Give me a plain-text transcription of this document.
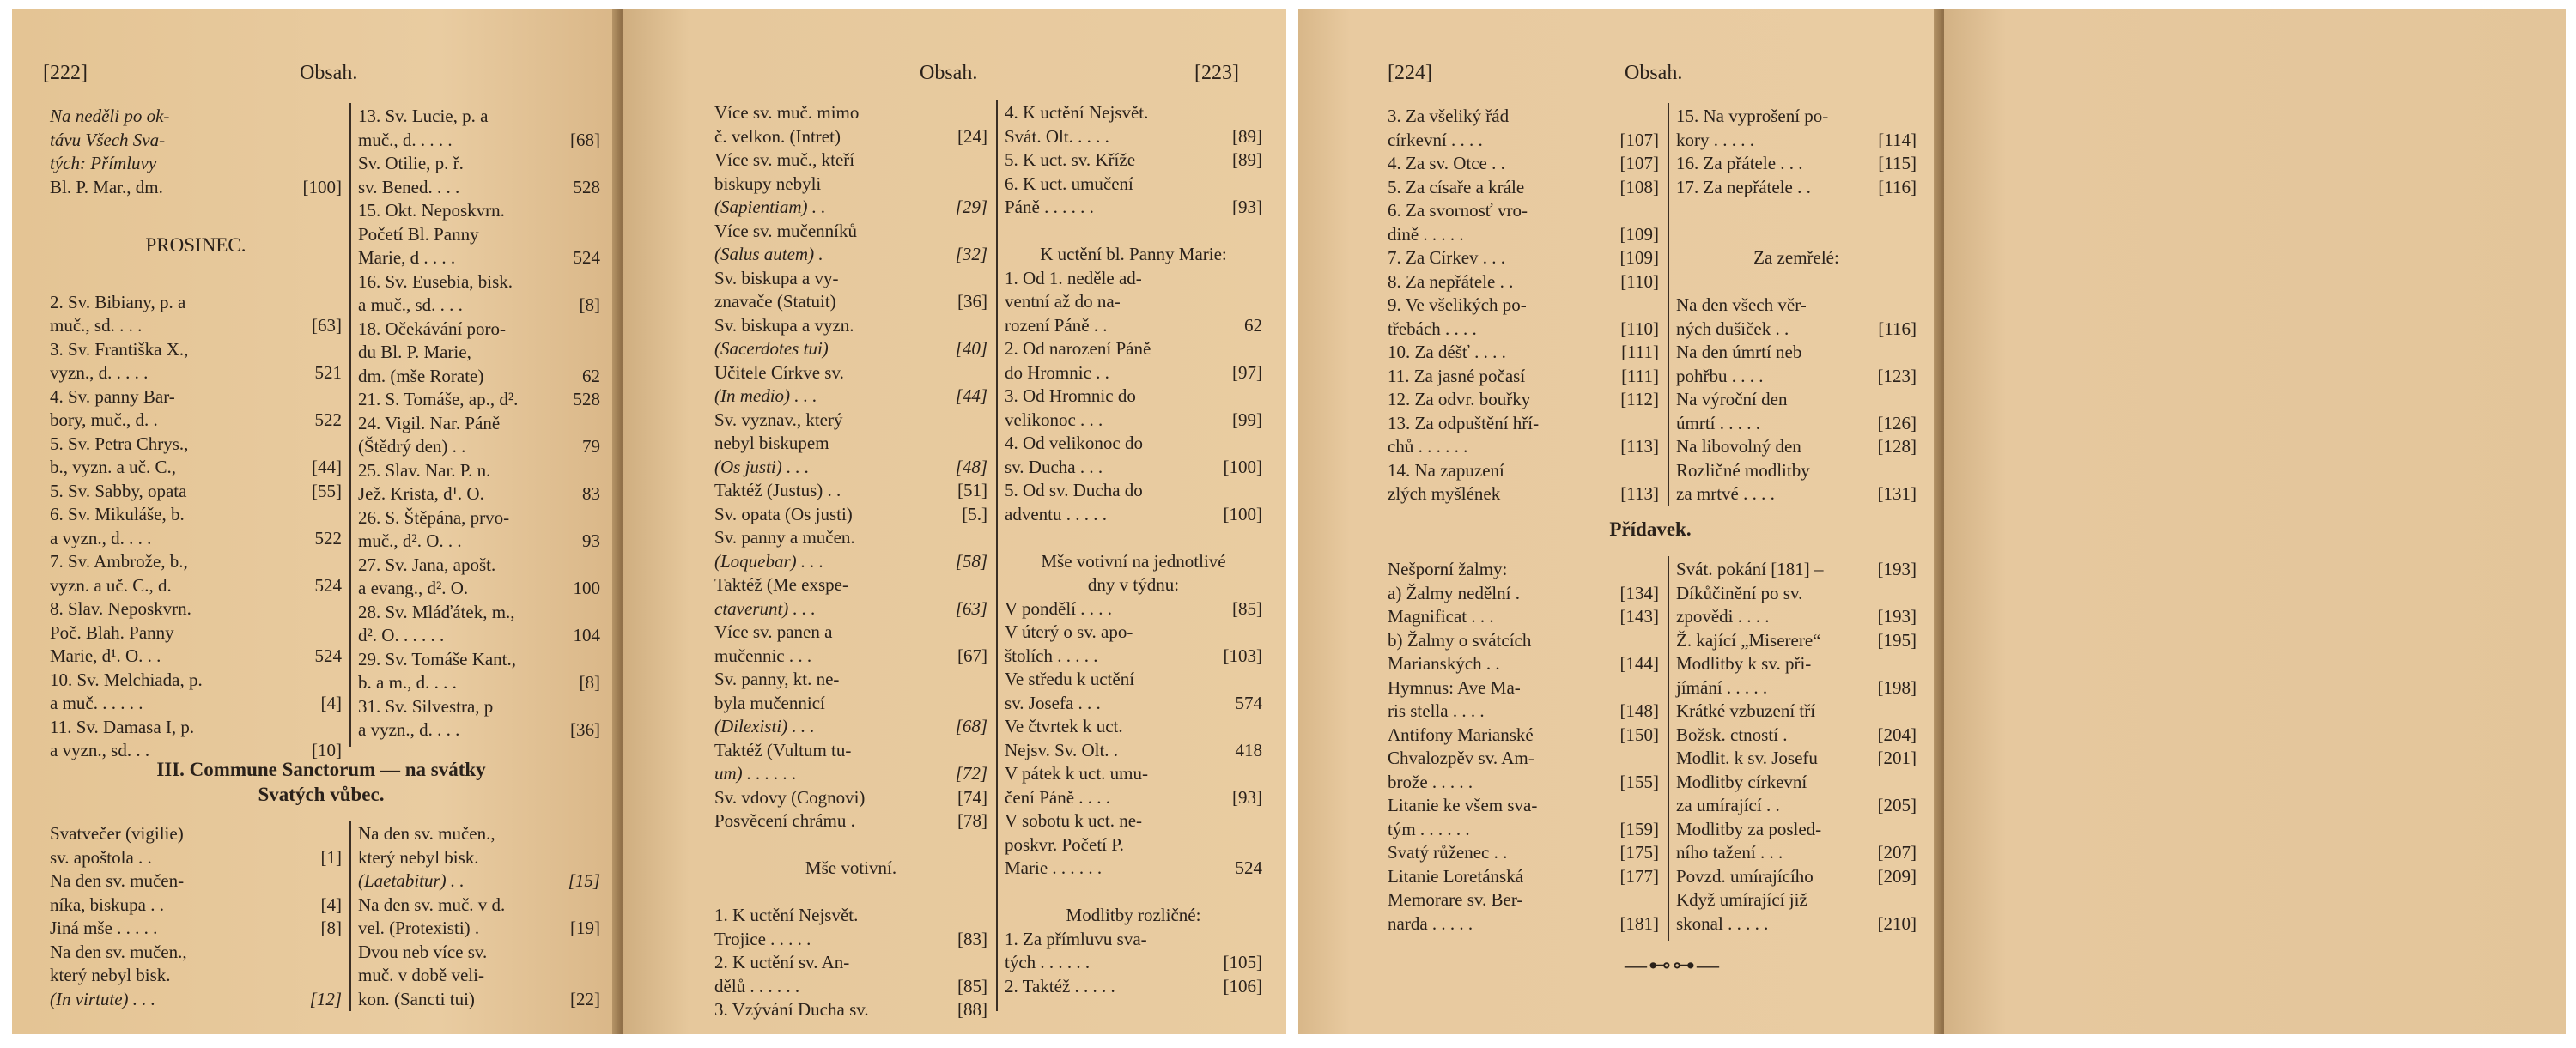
[222]	Obsah.
Na neděli po ok-
távu Všech Sva-
tých: Přímluvy
Bl. P. Mar., dm.	[100]
PROSINEC.
2. Sv. Bibiany, p. a
muč., sd. . . .	[63]
3. Sv. Františka X.,
vyzn., d. . . . .	521
4. Sv. panny Bar-
bory, muč., d. .	522
5. Sv. Petra Chrys.,
b., vyzn. a uč. C.,	[44]
5. Sv. Sabby, opata	[55]
6. Sv. Mikuláše, b.
a vyzn., d. . . .	522
7. Sv. Ambrože, b.,
vyzn. a uč. C., d.	524
8. Slav. Neposkvrn.
Poč. Blah. Panny
Marie, d¹. O. . .	524
10. Sv. Melchiada, p.
a muč. . . . . .	[4]
11. Sv. Damasa I, p.
a vyzn., sd. . .	[10]
13. Sv. Lucie, p. a
muč., d. . . . .	[68]
Sv. Otilie, p. ř.
sv. Bened. . . .	528
15. Okt. Neposkvrn.
Početí Bl. Panny
Marie, d . . . .	524
16. Sv. Eusebia, bisk.
a muč., sd. . . .	[8]
18. Očekávání poro-
du Bl. P. Marie,
dm. (mše Rorate)	62
21. S. Tomáše, ap., d².	528
24. Vigil. Nar. Páně
(Štědrý den) . .	79
25. Slav. Nar. P. n.
Jež. Krista, d¹. O.	83
26. S. Štěpána, prvo-
muč., d². O. . .	93
27. Sv. Jana, apošt.
a evang., d². O.	100
28. Sv. Mláďátek, m.,
d². O. . . . . .	104
29. Sv. Tomáše Kant.,
b. a m., d. . . .	[8]
31. Sv. Silvestra, p
a vyzn., d. . . .	[36]
III. Commune Sanctorum — na svátky
Svatých vůbec.
Svatvečer (vigilie)
sv. apoštola . .	[1]
Na den sv. mučen-
níka, biskupa . .	[4]
Jiná mše . . . . .	[8]
Na den sv. mučen.,
který nebyl bisk.
(In virtute) . . .	[12]
Na den sv. mučen.,
který nebyl bisk.
(Laetabitur) . .	[15]
Na den sv. muč. v d.
vel. (Protexisti) .	[19]
Dvou neb více sv.
muč. v době veli-
kon. (Sancti tui)	[22]
Obsah.	[223]
Více sv. muč. mimo
č. velkon. (Intret)	[24]
Více sv. muč., kteří
biskupy nebyli
(Sapientiam) . .	[29]
Více sv. mučenníků
(Salus autem) .	[32]
Sv. biskupa a vy-
znavače (Statuit)	[36]
Sv. biskupa a vyzn.
(Sacerdotes tui)	[40]
Učitele Církve sv.
(In medio) . . .	[44]
Sv. vyznav., který
nebyl biskupem
(Os justi) . . .	[48]
Taktéž (Justus) . .	[51]
Sv. opata (Os justi)	[5.]
Sv. panny a mučen.
(Loquebar) . . .	[58]
Taktéž (Me exspe-
ctaverunt) . . .	[63]
Více sv. panen a
mučennic . . .	[67]
Sv. panny, kt. ne-
byla mučennicí
(Dilexisti) . . .	[68]
Taktéž (Vultum tu-
um) . . . . . .	[72]
Sv. vdovy (Cognovi)	[74]
Posvěcení chrámu .	[78]
Mše votivní.
1. K uctění Nejsvět.
Trojice . . . . .	[83]
2. K uctění sv. An-
dělů . . . . . .	[85]
3. Vzývání Ducha sv.	[88]
4. K uctění Nejsvět.
Svát. Olt. . . . .	[89]
5. K uct. sv. Kříže	[89]
6. K uct. umučení
Páně . . . . . .	[93]
K uctění bl. Panny Marie:
1. Od 1. neděle ad-
ventní až do na-
rození Páně . .	62
2. Od narození Páně
do Hromnic . .	[97]
3. Od Hromnic do
velikonoc . . .	[99]
4. Od velikonoc do
sv. Ducha . . .	[100]
5. Od sv. Ducha do
adventu . . . . .	[100]
Mše votivní na jednotlivé
dny v týdnu:
V pondělí . . . .	[85]
V úterý o sv. apo-
štolích . . . . .	[103]
Ve středu k uctění
sv. Josefa . . .	574
Ve čtvrtek k uct.
Nejsv. Sv. Olt. .	418
V pátek k uct. umu-
čení Páně . . . .	[93]
V sobotu k uct. ne-
poskvr. Početí P.
Marie . . . . . .	524
Modlitby rozličné:
1. Za přímluvu sva-
tých . . . . . .	[105]
2. Taktéž . . . . .	[106]
[224]	Obsah.
3. Za všeliký řád
církevní . . . .	[107]
4. Za sv. Otce . .	[107]
5. Za císaře a krále	[108]
6. Za svornosť vro-
dině . . . . .	[109]
7. Za Církev . . .	[109]
8. Za nepřátele . .	[110]
9. Ve všelikých po-
třebách . . . .	[110]
10. Za déšť . . . .	[111]
11. Za jasné počasí	[111]
12. Za odvr. bouřky	[112]
13. Za odpuštění hří-
chů . . . . . .	[113]
14. Na zapuzení
zlých myšlének	[113]
15. Na vyprošení po-
kory . . . . .	[114]
16. Za přátele . . .	[115]
17. Za nepřátele . .	[116]
Za zemřelé:
Na den všech věr-
ných dušiček . .	[116]
Na den úmrtí neb
pohřbu . . . .	[123]
Na výroční den
úmrtí . . . . .	[126]
Na libovolný den	[128]
Rozličné modlitby
za mrtvé . . . .	[131]
Přídavek.
Nešporní žalmy:
a) Žalmy nedělní .	[134]
Magnificat . . .	[143]
b) Žalmy o svátcích
Marianských . .	[144]
Hymnus: Ave Ma-
ris stella . . . .	[148]
Antifony Marianské	[150]
Chvalozpěv sv. Am-
brože . . . . .	[155]
Litanie ke všem sva-
tým . . . . . .	[159]
Svatý růženec . .	[175]
Litanie Loretánská	[177]
Memorare sv. Ber-
narda . . . . .	[181]
Svát. pokání [181] –	[193]
Díkůčinění po sv.
zpovědi . . . .	[193]
Ž. kající „Miserere“	[195]
Modlitby k sv. při-
jímání . . . . .	[198]
Krátké vzbuzení tří
Božsk. ctností .	[204]
Modlit. k sv. Josefu	[201]
Modlitby církevní
za umírající . .	[205]
Modlitby za posled-
ního tažení . . .	[207]
Povzd. umírajícího	[209]
Když umírající již
skonal . . . . .	[210]
—⊷⊶—
